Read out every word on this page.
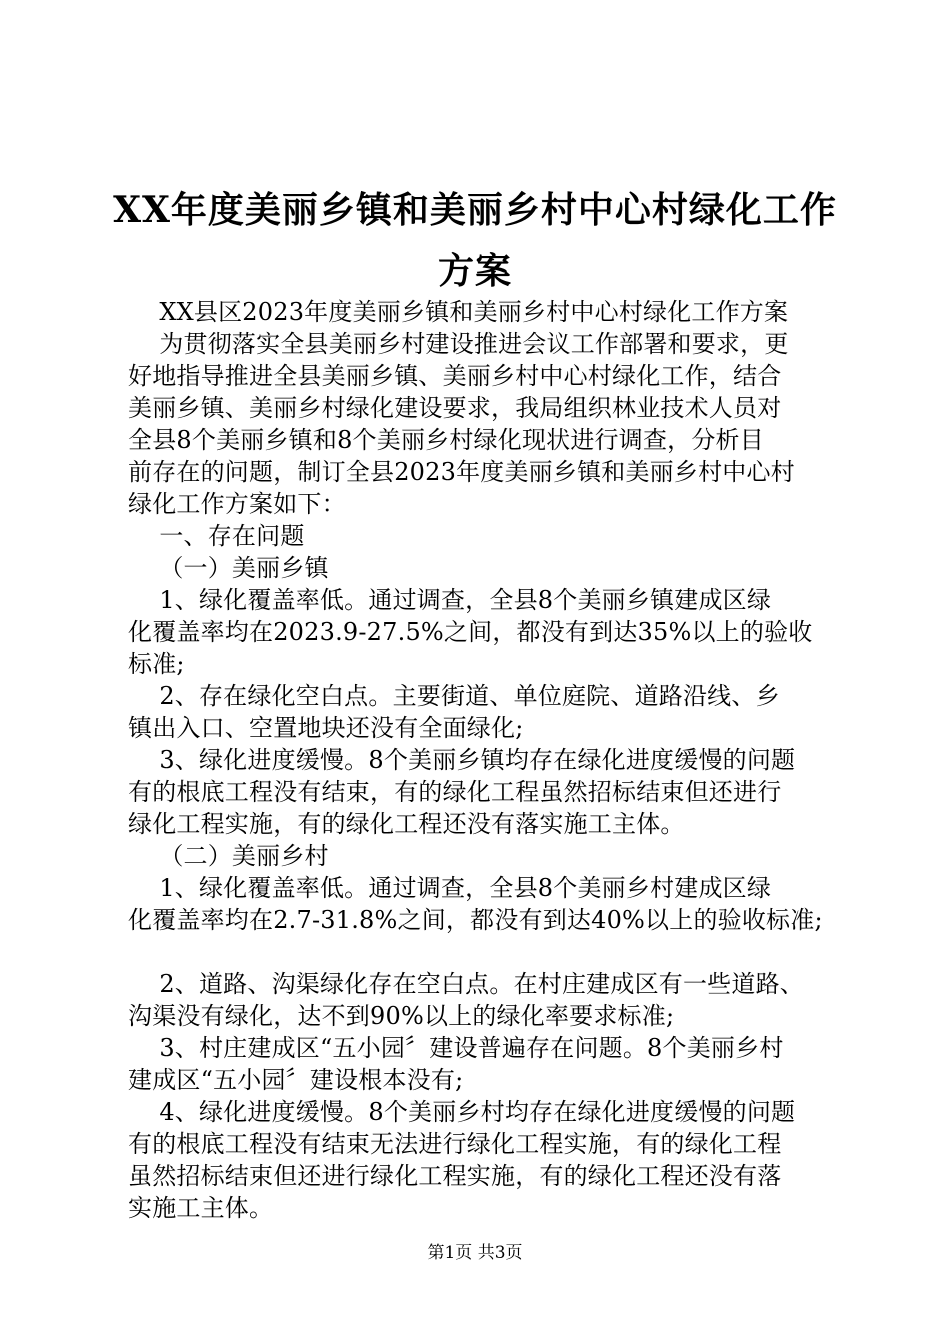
XX年度美丽乡镇和美丽乡村中心村绿化工作
方案
XX县区2023年度美丽乡镇和美丽乡村中心村绿化工作方案
为贯彻落实全县美丽乡村建设推进会议工作部署和要求，更
好地指导推进全县美丽乡镇、美丽乡村中心村绿化工作，结合
美丽乡镇、美丽乡村绿化建设要求，我局组织林业技术人员对
全县8个美丽乡镇和8个美丽乡村绿化现状进行调查，分析目
前存在的问题，制订全县2023年度美丽乡镇和美丽乡村中心村
绿化工作方案如下：
一、存在问题
（一）美丽乡镇
1、绿化覆盖率低。通过调查，全县8个美丽乡镇建成区绿
化覆盖率均在2023.9-27.5%之间，都没有到达35%以上的验收
标准;
2、存在绿化空白点。主要街道、单位庭院、道路沿线、乡
镇出入口、空置地块还没有全面绿化;
3、绿化进度缓慢。8个美丽乡镇均存在绿化进度缓慢的问题
有的根底工程没有结束，有的绿化工程虽然招标结束但还进行
绿化工程实施，有的绿化工程还没有落实施工主体。
（二）美丽乡村
1、绿化覆盖率低。通过调查，全县8个美丽乡村建成区绿
化覆盖率均在2.7-31.8%之间，都没有到达40%以上的验收标准;
2、道路、沟渠绿化存在空白点。在村庄建成区有一些道路、
沟渠没有绿化，达不到90%以上的绿化率要求标准;
3、村庄建成区“五小园〞建设普遍存在问题。8个美丽乡村
建成区“五小园〞建设根本没有;
4、绿化进度缓慢。8个美丽乡村均存在绿化进度缓慢的问题
有的根底工程没有结束无法进行绿化工程实施，有的绿化工程
虽然招标结束但还进行绿化工程实施，有的绿化工程还没有落
实施工主体。
第1页 共3页
